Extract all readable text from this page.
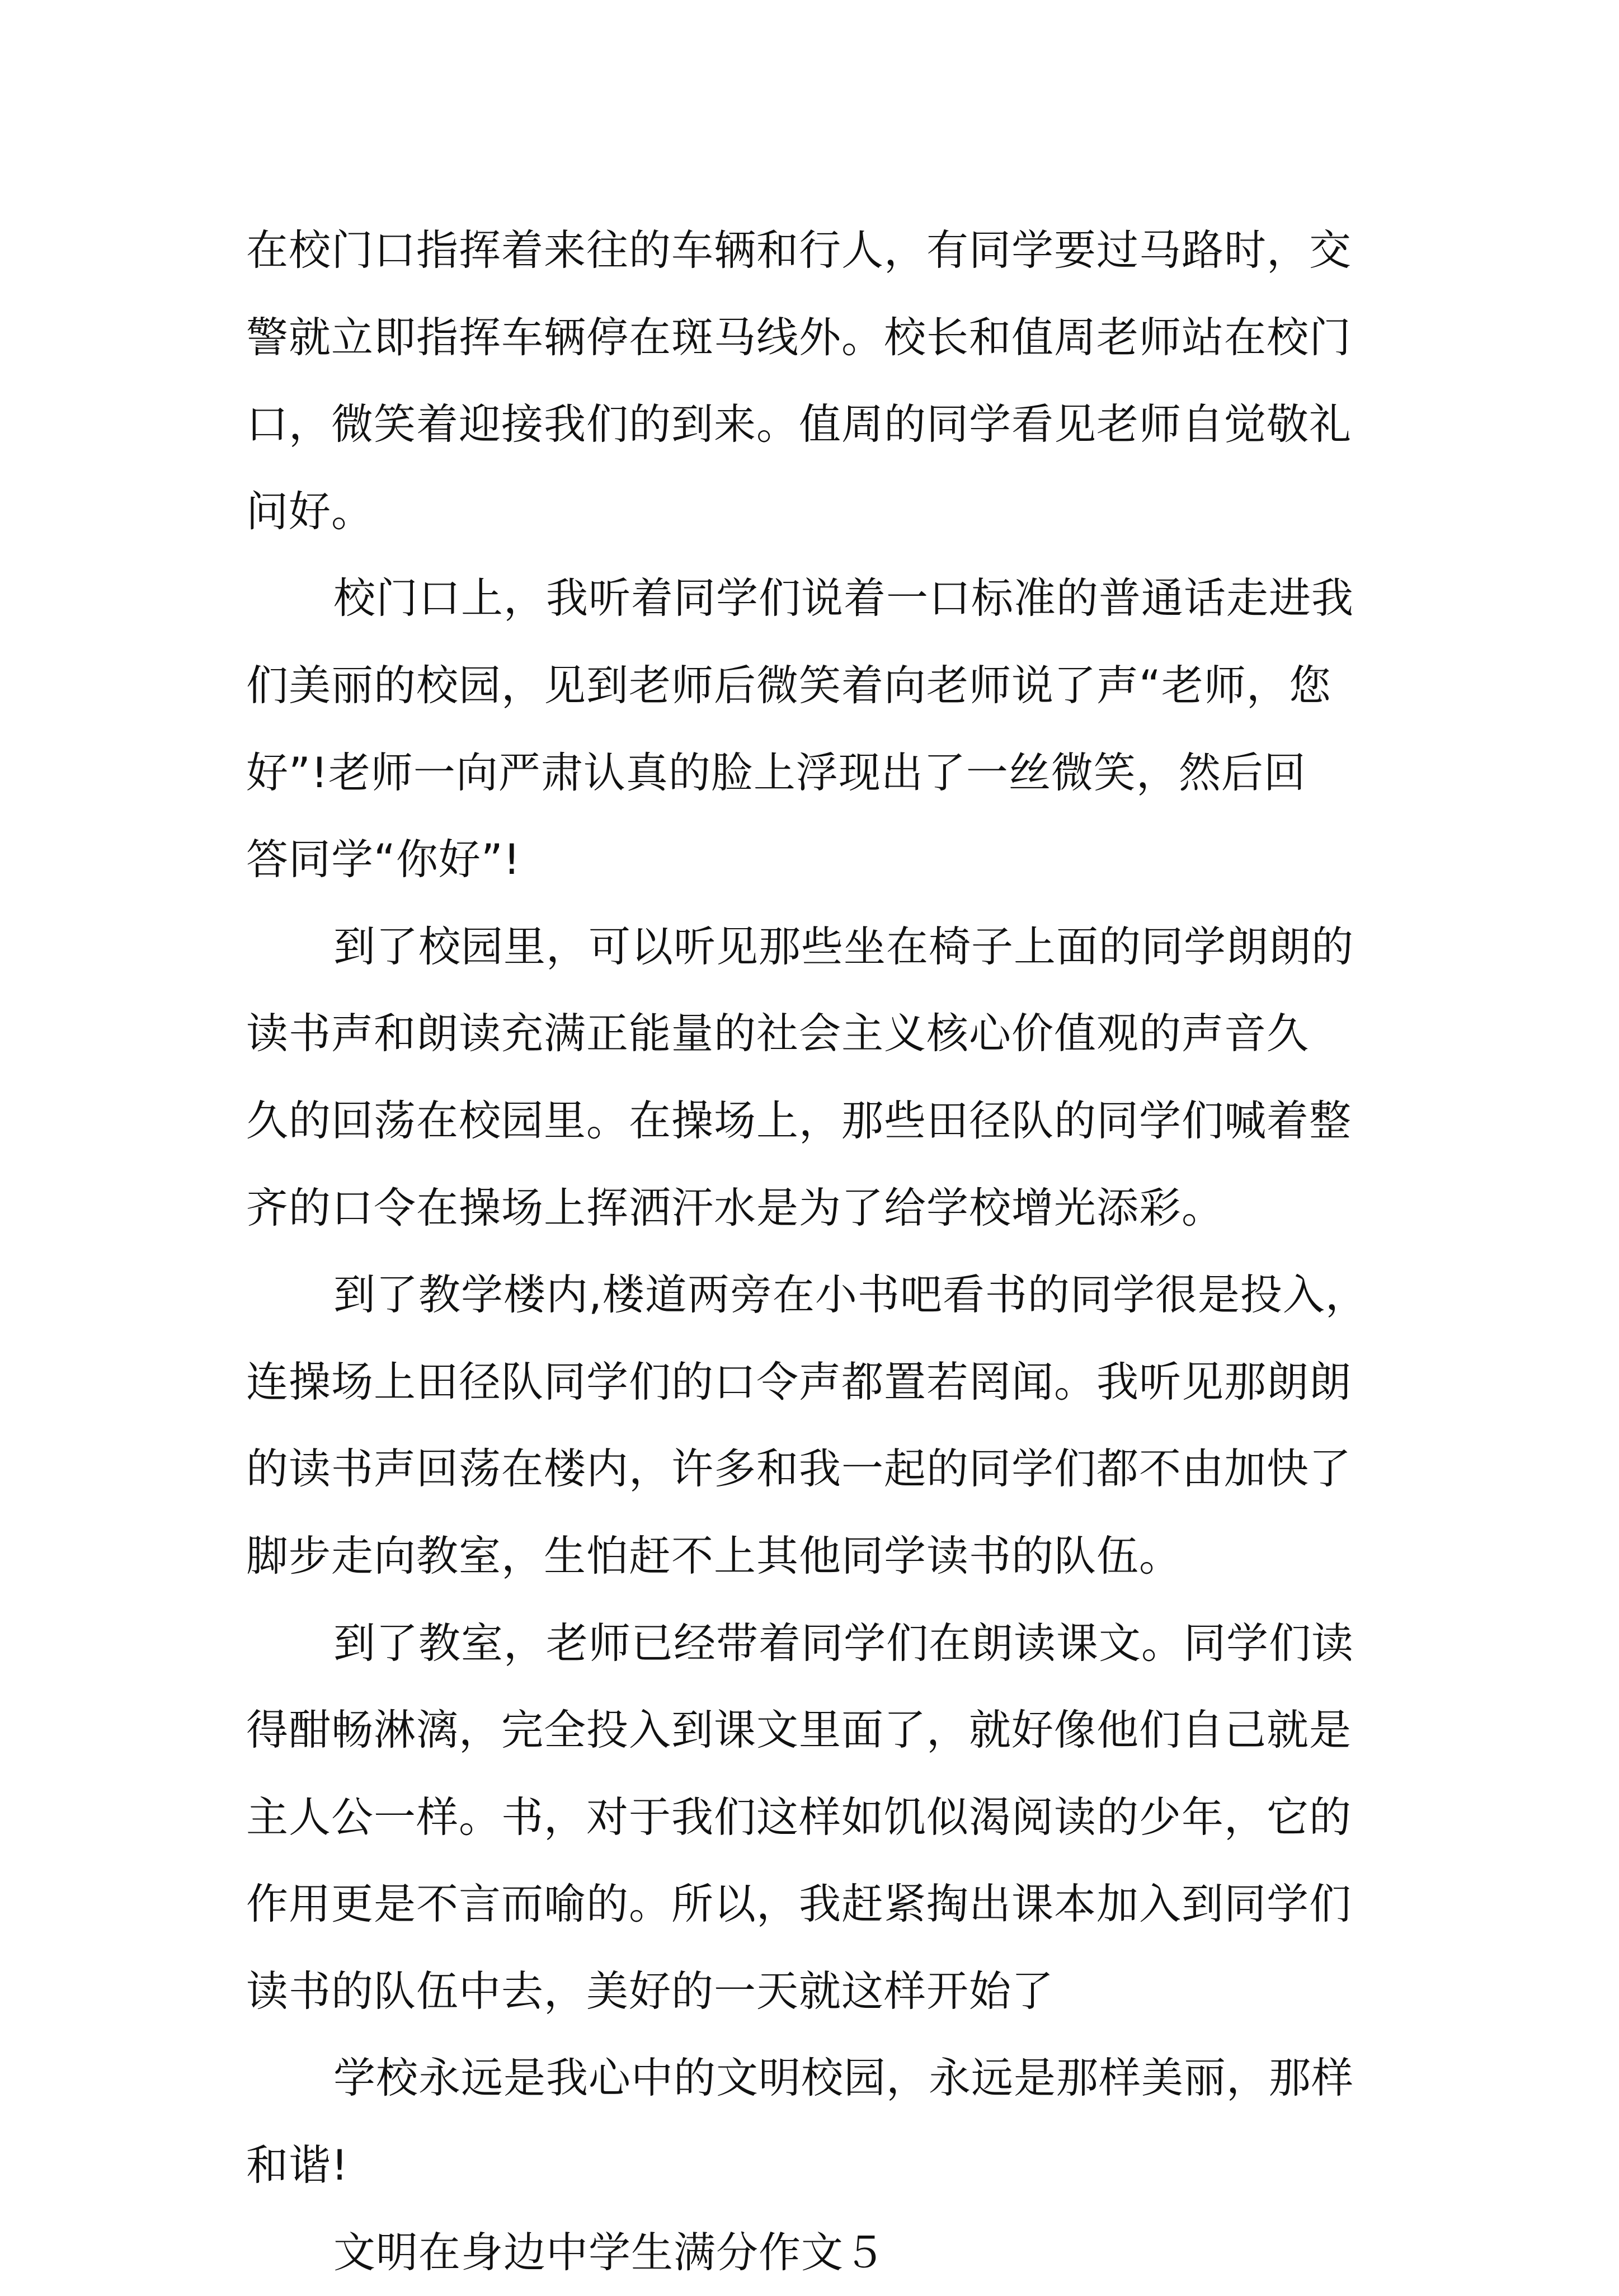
在校门口指挥着来往的车辆和行人，有同学要过马路时，交
警就立即指挥车辆停在斑马线外。校长和值周老师站在校门
口，微笑着迎接我们的到来。值周的同学看见老师自觉敬礼
问好。
校门口上，我听着同学们说着一口标准的普通话走进我
们美丽的校园，见到老师后微笑着向老师说了声“老师，您
好”!老师一向严肃认真的脸上浮现出了一丝微笑，然后回
答同学“你好”!
到了校园里，可以听见那些坐在椅子上面的同学朗朗的
读书声和朗读充满正能量的社会主义核心价值观的声音久
久的回荡在校园里。在操场上，那些田径队的同学们喊着整
齐的口令在操场上挥洒汗水是为了给学校增光添彩。
到了教学楼内,楼道两旁在小书吧看书的同学很是投入，
连操场上田径队同学们的口令声都置若罔闻。我听见那朗朗
的读书声回荡在楼内，许多和我一起的同学们都不由加快了
脚步走向教室，生怕赶不上其他同学读书的队伍。
到了教室，老师已经带着同学们在朗读课文。同学们读
得酣畅淋漓，完全投入到课文里面了，就好像他们自己就是
主人公一样。书，对于我们这样如饥似渴阅读的少年，它的
作用更是不言而喻的。所以，我赶紧掏出课本加入到同学们
读书的队伍中去，美好的一天就这样开始了
学校永远是我心中的文明校园，永远是那样美丽，那样
和谐!
文明在身边中学生满分作文５
